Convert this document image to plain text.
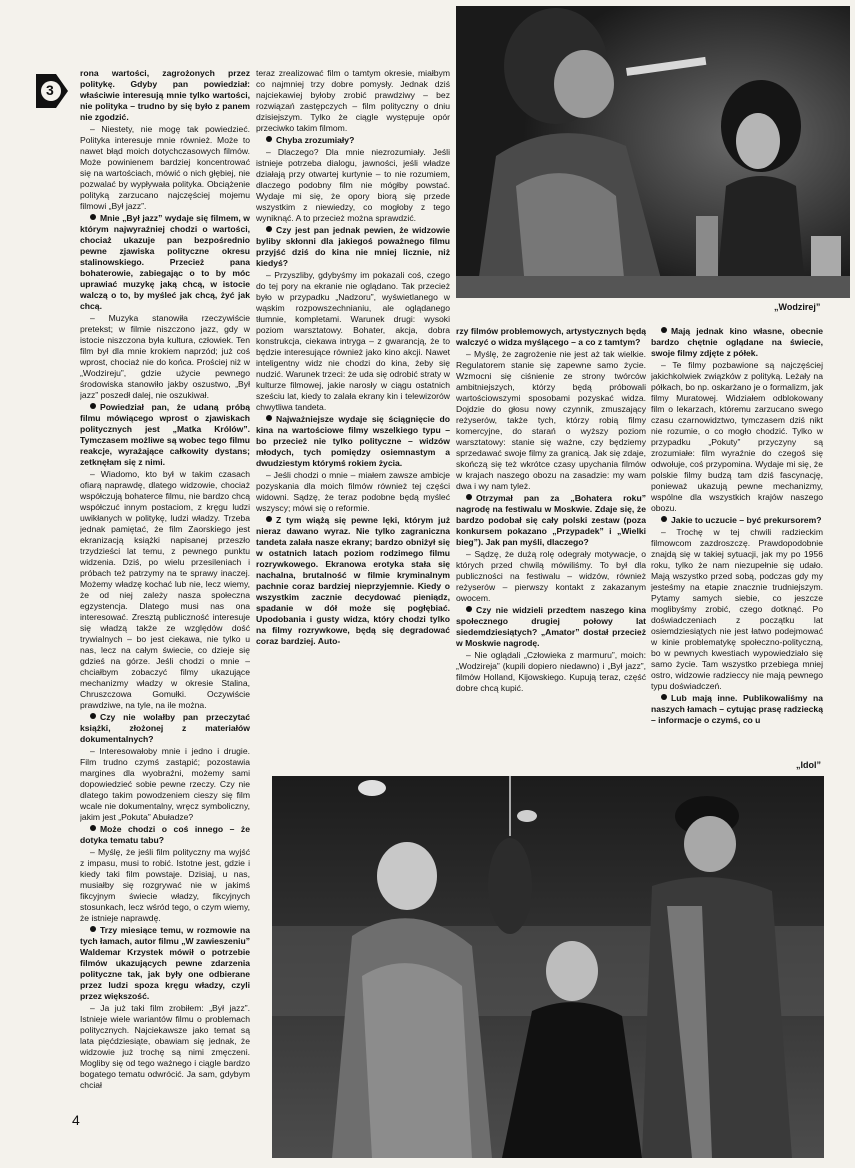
3

rona wartości, zagrożonych przez politykę. Gdyby pan powiedział: właściwie interesują mnie tylko wartości, nie polityka – trudno by się było z panem nie zgodzić.

– Niestety, nie mogę tak powiedzieć. Polityka interesuje mnie również. Może to nawet błąd moich dotychczasowych filmów. Może powinienem bardziej koncentrować się na wartościach, mówić o nich głębiej, nie pozwalać by wypływała polityka. Obciążenie polityką zarzucano najczęściej mojemu filmowi „Był jazz”.

Mnie „Był jazz” wydaje się filmem, w którym najwyraźniej chodzi o wartości, chociaż ukazuje pan bezpośrednio pewne zjawiska polityczne okresu stalinowskiego. Przecież pana bohaterowie, zabiegając o to by móc uprawiać muzykę jaką chcą, w istocie walczą o to, by myśleć jak chcą, żyć jak chcą.

– Muzyka stanowiła rzeczywiście pretekst; w filmie niszczono jazz, gdy w istocie niszczona była kultura, człowiek. Ten film był dla mnie krokiem naprzód; już coś wprost, chociaż nie do końca. Prościej niż w „Wodzireju”, gdzie użycie pewnego środowiska stanowiło jakby oszustwo, „Był jazz” poszedł dalej, nie oszukiwał.

Powiedział pan, że udaną próbą filmu mówiącego wprost o zjawiskach politycznych jest „Matka Królów”. Tymczasem możliwe są wobec tego filmu reakcje, wyrażające całkowity dystans; zetknęłam się z nimi.

– Wiadomo, kto był w takim czasach ofiarą naprawdę, dlatego widzowie, chociaż współczują bohaterce filmu, nie bardzo chcą współczuć innym postaciom, z kręgu ludzi uwikłanych w politykę, ludzi władzy. Trzeba jednak pamiętać, że film Zaorskiego jest ekranizacją książki napisanej przeszło trzydzieści lat temu, z pewnego punktu widzenia. Dziś, po wielu przesileniach i próbach też patrzymy na te sprawy inaczej. Możemy władzę kochać lub nie, lecz wiemy, że od niej zależy nasza społeczna egzystencja. Dlatego musi nas ona interesować. Zresztą publiczność interesuje się władzą także ze względów dość trywialnych – bo jest ciekawa, nie tylko u nas, lecz na całym świecie, co dzieje się gdzieś na górze. Jeśli chodzi o mnie – chciałbym zobaczyć filmy ukazujące mechanizmy władzy w okresie Stalina, Chruszczowa Gomułki. Oczywiście prawdziwe, na tyle, na ile można.

Czy nie wolałby pan przeczytać książki, złożonej z materiałów dokumentalnych?

– Interesowałoby mnie i jedno i drugie. Film trudno czymś zastąpić; pozostawia margines dla wyobraźni, możemy sami dopowiedzieć sobie pewne rzeczy. Czy nie dlatego takim powodzeniem cieszy się film wcale nie dokumentalny, wręcz symboliczny, jakim jest „Pokuta” Abuładze?

Może chodzi o coś innego – że dotyka tematu tabu?

– Myślę, że jeśli film polityczny ma wyjść z impasu, musi to robić. Istotne jest, gdzie i kiedy taki film powstaje. Dzisiaj, u nas, musiałby się rozgrywać nie w jakimś fikcyjnym świecie władzy, fikcyjnych stosunkach, lecz wśród tego, o czym wiemy, że istnieje naprawdę.

Trzy miesiące temu, w rozmowie na tych łamach, autor filmu „W zawieszeniu” Waldemar Krzystek mówił o potrzebie filmów ukazujących pewne zdarzenia polityczne tak, jak były one odbierane przez ludzi spoza kręgu władzy, czyli przez większość.

– Ja już taki film zrobiłem: „Był jazz”. Istnieje wiele wariantów filmu o problemach politycznych. Najciekawsze jako temat są lata pięćdziesiąte, obawiam się jednak, że widzowie już trochę są nimi zmęczeni. Mogliby się od tego ważnego i ciągle bardzo bogatego tematu odwrócić. Ja sam, gdybym chciał

teraz zrealizować film o tamtym okresie, miałbym co najmniej trzy dobre pomysły. Jednak dziś najciekawiej byłoby zrobić prawdziwy – bez rozwiązań zastępczych – film polityczny o dniu dzisiejszym. Tylko że ciągle występuje opór przeciwko takim filmom.

Chyba zrozumiały?

– Dlaczego? Dla mnie niezrozumiały. Jeśli istnieje potrzeba dialogu, jawności, jeśli władze działają przy otwartej kurtynie – to nie rozumiem, dlaczego podobny film nie mógłby powstać. Wydaje mi się, że opory biorą się przede wszystkim z niewiedzy, co mogłoby z tego wyniknąć. A to przecież można sprawdzić.

Czy jest pan jednak pewien, że widzowie byliby skłonni dla jakiegoś poważnego filmu przyjść dziś do kina nie mniej licznie, niż kiedyś?

– Przyszliby, gdybyśmy im pokazali coś, czego do tej pory na ekranie nie oglądano. Tak przecież było w przypadku „Nadzoru”, wyświetlanego w wąskim rozpowszechnianiu, ale oglądanego tłumnie, kompletami. Warunek drugi: wysoki poziom warsztatowy. Bohater, akcja, dobra konstrukcja, ciekawa intryga – z gwarancją, że to będzie interesujące również jako kino akcji. Nawet inteligentny widz nie chodzi do kina, żeby się nudzić. Warunek trzeci: że uda się odrobić straty w kulturze filmowej, jakie narosły w ciągu ostatnich sześciu lat, kiedy to zalała ekrany kin i telewizorów chwytliwa tandeta.

Najważniejsze wydaje się ściągnięcie do kina na wartościowe filmy wszelkiego typu – bo przecież nie tylko polityczne – widzów młodych, tych pomiędzy osiemnastym a dwudziestym którymś rokiem życia.

– Jeśli chodzi o mnie – miałem zawsze ambicje pozyskania dla moich filmów również tej części widowni. Sądzę, że teraz podobne będą myśleć wszyscy; mówi się o reformie.

Z tym wiążą się pewne lęki, którym już nieraz dawano wyraz. Nie tylko zagraniczna tandeta zalała nasze ekrany; bardzo obniżył się w ostatnich latach poziom rodzimego filmu rozrywkowego. Ekranowa erotyka stała się nachalna, brutalność w filmie kryminalnym pachnie coraz bardziej nieprzyjemnie. Kiedy o wszystkim zacznie decydować pieniądz, spadanie w dół może się pogłębiać. Upodobania i gusty widza, który chodzi tylko na filmy rozrywkowe, będą się degradować coraz bardziej. Auto-

„Wodzirej”

rzy filmów problemowych, artystycznych będą walczyć o widza myślącego – a co z tamtym?

– Myślę, że zagrożenie nie jest aż tak wielkie. Regulatorem stanie się zapewne samo życie. Wzmocni się ciśnienie ze strony twórców ambitniejszych, którzy będą próbowali wartościowszymi sposobami pozyskać widza. Dojdzie do głosu nowy czynnik, zmuszający reżyserów, także tych, którzy robią filmy komercyjne, do starań o wyższy poziom warsztatowy: stanie się ważne, czy będziemy sprzedawać swoje filmy za granicą. Jak się zdaje, skończą się też wkrótce czasy upychania filmów w krajach naszego obozu na zasadzie: my wam dwa i wy nam tyleż.

Otrzymał pan za „Bohatera roku” nagrodę na festiwalu w Moskwie. Zdaje się, że bardzo podobał się cały polski zestaw (poza konkursem pokazano „Przypadek” i „Wielki bieg”). Jak pan myśli, dlaczego?

– Sądzę, że dużą rolę odegrały motywacje, o których przed chwilą mówiliśmy. To był dla publiczności na festiwalu – widzów, również reżyserów – pierwszy kontakt z zakazanym owocem.

Czy nie widzieli przedtem naszego kina społecznego drugiej połowy lat siedemdziesiątych? „Amator” dostał przecież w Moskwie nagrodę.

– Nie oglądali „Człowieka z marmuru”, moich: „Wodzireja” (kupili dopiero niedawno) i „Był jazz”, filmów Holland, Kijowskiego. Kupują teraz, część dobre chcą kupić.

Mają jednak kino własne, obecnie bardzo chętnie oglądane na świecie, swoje filmy zdjęte z półek.

– Te filmy pozbawione są najczęściej jakichkolwiek związków z polityką. Leżały na półkach, bo np. oskarżano je o formalizm, jak filmy Muratowej. Widziałem odblokowany film o lekarzach, któremu zarzucano swego czasu czarnowidztwo, tymczasem dziś nikt nie rozumie, o co mogło chodzić. Tylko w przypadku „Pokuty” przyczyny są zrozumiałe: film wyraźnie do czegoś się odwołuje, coś przypomina. Wydaje mi się, że polskie filmy budzą tam dziś fascynację, ponieważ ukazują pewne mechanizmy, wspólne dla wszystkich krajów naszego obozu.

Jakie to uczucie – być prekursorem?

– Trochę w tej chwili radzieckim filmowcom zazdroszczę. Prawdopodobnie znajdą się w takiej sytuacji, jak my po 1956 roku, tylko że nam niezupełnie się udało. Mają wszystko przed sobą, podczas gdy my jesteśmy na etapie znacznie trudniejszym. Pytamy samych siebie, co jeszcze moglibyśmy zrobić, czego dotknąć. Po doświadczeniach z początku lat osiemdziesiątych nie jest łatwo podejmować w kinie problematykę społeczno-polityczną, bo w pewnych kwestiach wypowiedziało się samo życie. Tam wszystko przebiega mniej ostro, widzowie radzieccy nie mają pewnego typu doświadczeń.

Lub mają inne. Publikowaliśmy na naszych łamach – cytując prasę radziecką – informacje o czymś, co u

„Idol”
4
